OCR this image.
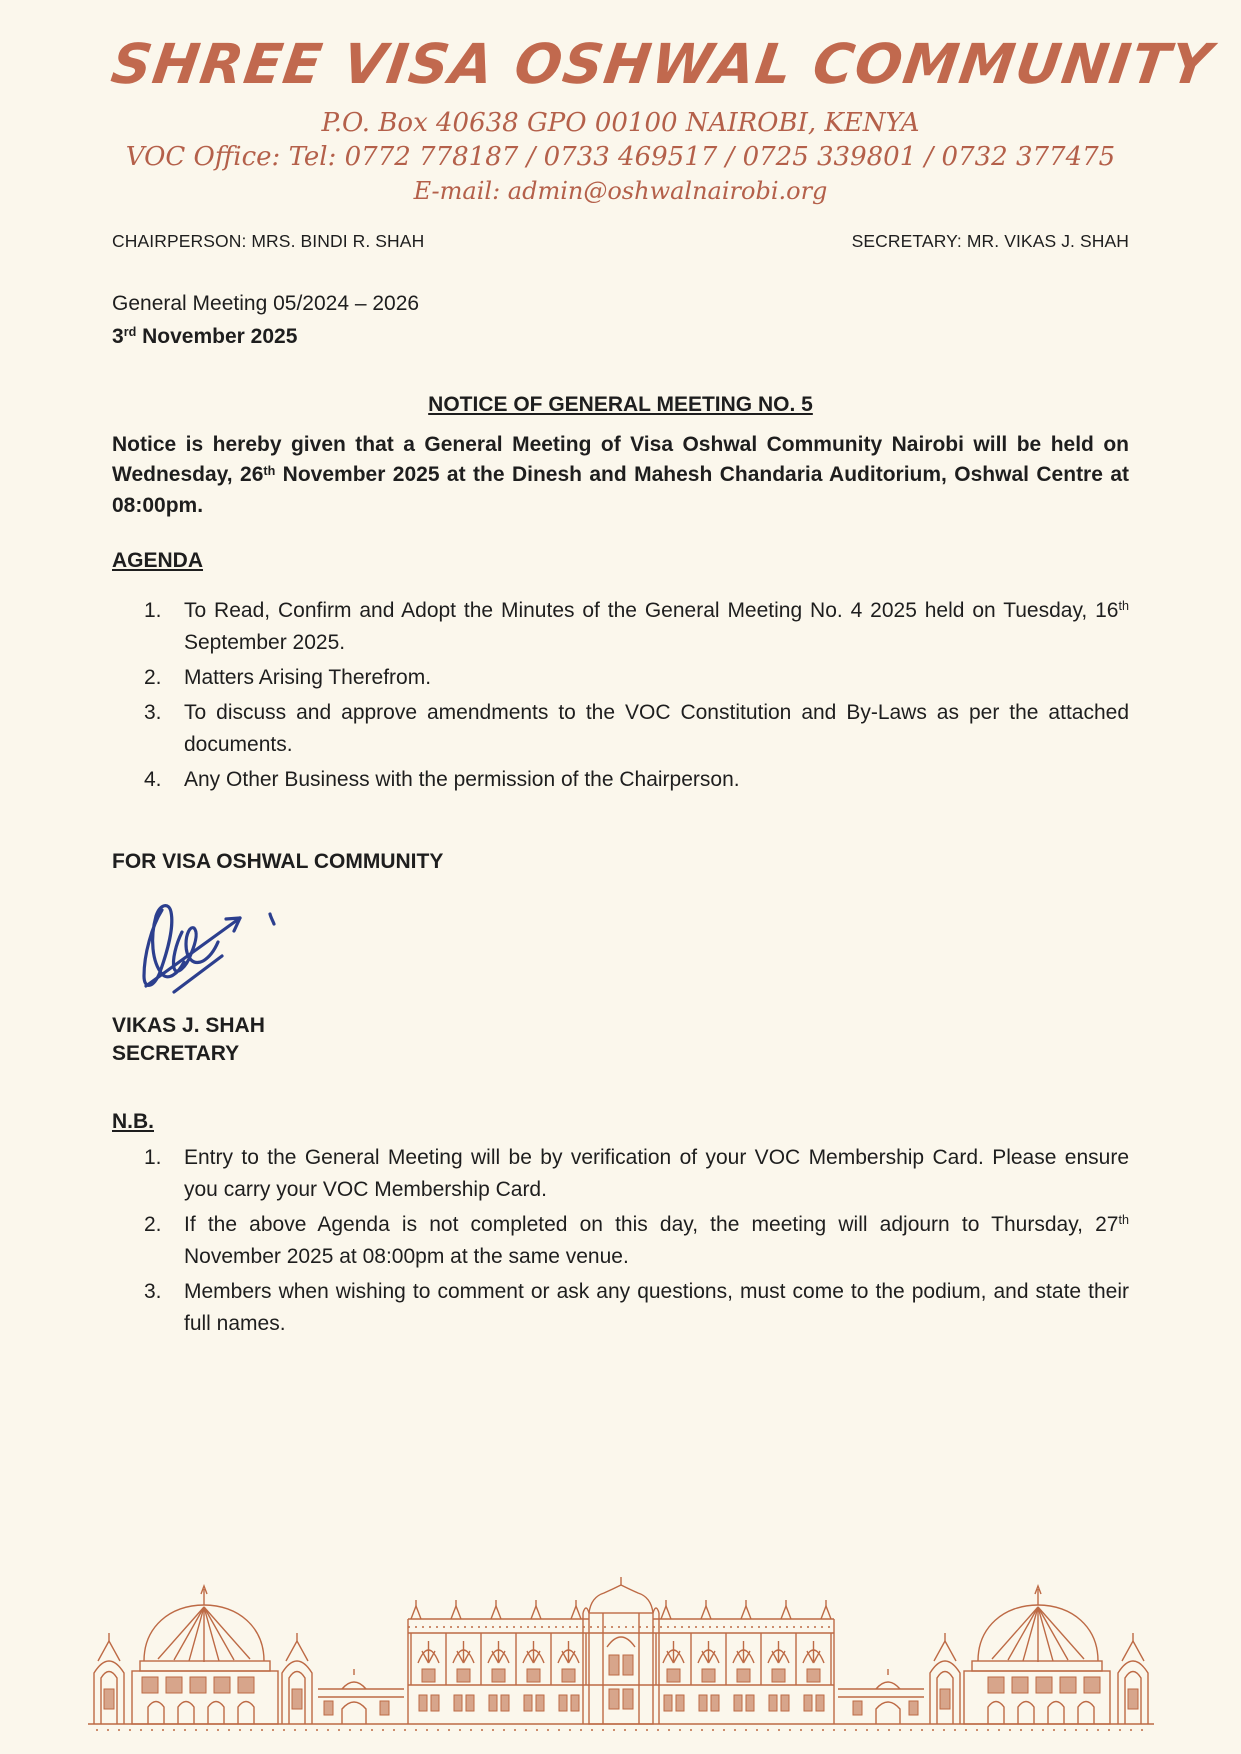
SHREE VISA OSHWAL COMMUNITY
P.O. Box 40638 GPO 00100 NAIROBI, KENYA
VOC Office: Tel: 0772 778187 / 0733 469517 / 0725 339801 / 0732 377475
E-mail: admin@oshwalnairobi.org
CHAIRPERSON: MRS. BINDI R. SHAH	SECRETARY: MR. VIKAS J. SHAH
General Meeting 05/2024 – 2026
3rd November 2025
NOTICE OF GENERAL MEETING NO. 5

Notice is hereby given that a General Meeting of Visa Oshwal Community Nairobi will be held on Wednesday, 26th November 2025 at the Dinesh and Mahesh Chandaria Auditorium, Oshwal Centre at 08:00pm.

AGENDA
1.	To Read, Confirm and Adopt the Minutes of the General Meeting No. 4 2025 held on Tuesday, 16th September 2025.
2.	Matters Arising Therefrom.
3.	To discuss and approve amendments to the VOC Constitution and By-Laws as per the attached documents.
4.	Any Other Business with the permission of the Chairperson.
FOR VISA OSHWAL COMMUNITY
VIKAS J. SHAH
SECRETARY
N.B.
1.	Entry to the General Meeting will be by verification of your VOC Membership Card. Please ensure you carry your VOC Membership Card.
2.	If the above Agenda is not completed on this day, the meeting will adjourn to Thursday, 27th November 2025 at 08:00pm at the same venue.
3.	Members when wishing to comment or ask any questions, must come to the podium, and state their full names.
